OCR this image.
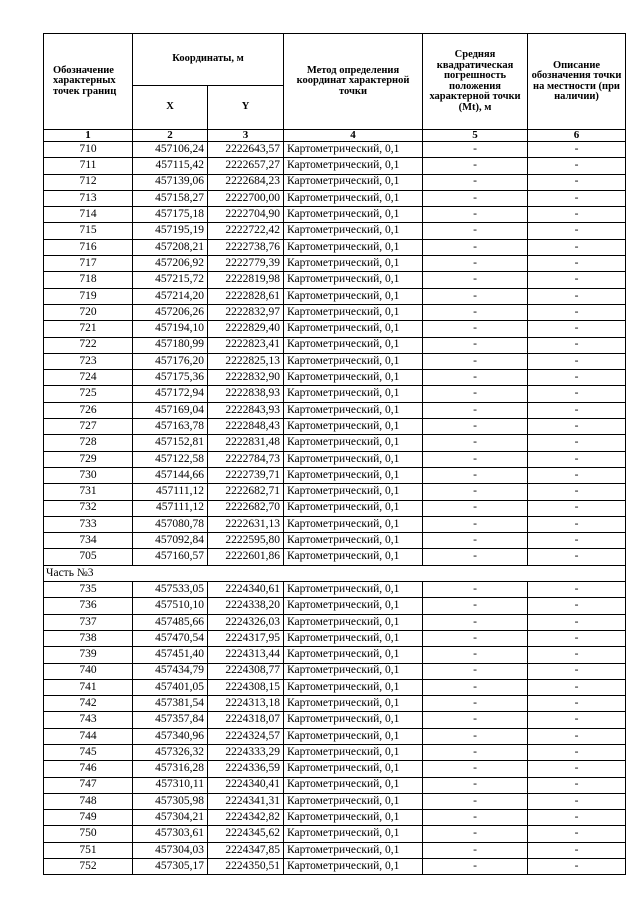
Обозначение характерных точек границ	Координаты, м		Метод определения координат характерной точки	Средняя квадратическая погрешность положения характерной точки (Mt), м	Описание обозначения точки на местности (при наличии)
	X	Y			
1	2	3	4	5	6
710	457106,24	2222643,57	Картометрический, 0,1	-	-
711	457115,42	2222657,27	Картометрический, 0,1	-	-
712	457139,06	2222684,23	Картометрический, 0,1	-	-
713	457158,27	2222700,00	Картометрический, 0,1	-	-
714	457175,18	2222704,90	Картометрический, 0,1	-	-
715	457195,19	2222722,42	Картометрический, 0,1	-	-
716	457208,21	2222738,76	Картометрический, 0,1	-	-
717	457206,92	2222779,39	Картометрический, 0,1	-	-
718	457215,72	2222819,98	Картометрический, 0,1	-	-
719	457214,20	2222828,61	Картометрический, 0,1	-	-
720	457206,26	2222832,97	Картометрический, 0,1	-	-
721	457194,10	2222829,40	Картометрический, 0,1	-	-
722	457180,99	2222823,41	Картометрический, 0,1	-	-
723	457176,20	2222825,13	Картометрический, 0,1	-	-
724	457175,36	2222832,90	Картометрический, 0,1	-	-
725	457172,94	2222838,93	Картометрический, 0,1	-	-
726	457169,04	2222843,93	Картометрический, 0,1	-	-
727	457163,78	2222848,43	Картометрический, 0,1	-	-
728	457152,81	2222831,48	Картометрический, 0,1	-	-
729	457122,58	2222784,73	Картометрический, 0,1	-	-
730	457144,66	2222739,71	Картометрический, 0,1	-	-
731	457111,12	2222682,71	Картометрический, 0,1	-	-
732	457111,12	2222682,70	Картометрический, 0,1	-	-
733	457080,78	2222631,13	Картометрический, 0,1	-	-
734	457092,84	2222595,80	Картометрический, 0,1	-	-
705	457160,57	2222601,86	Картометрический, 0,1	-	-
Часть №3					
735	457533,05	2224340,61	Картометрический, 0,1	-	-
736	457510,10	2224338,20	Картометрический, 0,1	-	-
737	457485,66	2224326,03	Картометрический, 0,1	-	-
738	457470,54	2224317,95	Картометрический, 0,1	-	-
739	457451,40	2224313,44	Картометрический, 0,1	-	-
740	457434,79	2224308,77	Картометрический, 0,1	-	-
741	457401,05	2224308,15	Картометрический, 0,1	-	-
742	457381,54	2224313,18	Картометрический, 0,1	-	-
743	457357,84	2224318,07	Картометрический, 0,1	-	-
744	457340,96	2224324,57	Картометрический, 0,1	-	-
745	457326,32	2224333,29	Картометрический, 0,1	-	-
746	457316,28	2224336,59	Картометрический, 0,1	-	-
747	457310,11	2224340,41	Картометрический, 0,1	-	-
748	457305,98	2224341,31	Картометрический, 0,1	-	-
749	457304,21	2224342,82	Картометрический, 0,1	-	-
750	457303,61	2224345,62	Картометрический, 0,1	-	-
751	457304,03	2224347,85	Картометрический, 0,1	-	-
752	457305,17	2224350,51	Картометрический, 0,1	-	-
